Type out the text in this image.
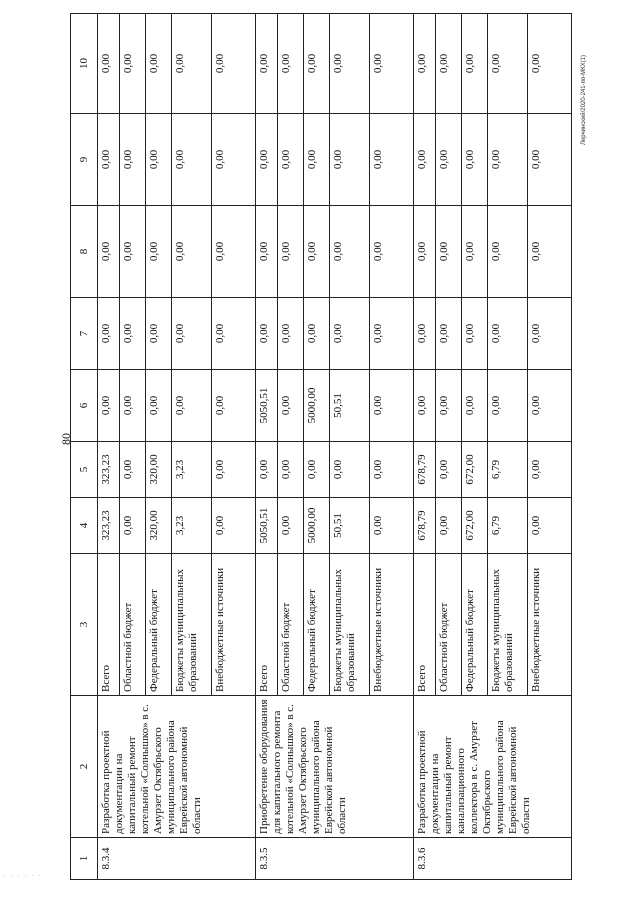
80
Лерчинский/2020-241-по-МКХ(1)
. . . . . .
1	2	3	4	5	6	7	8	9	10
8.3.4	Разработка проектной документации на капитальный ремонт котельной «Солнышко» в с. Амурзет Октябрьского муниципального района Еврейской автономной области	Всего	323,23	323,23	0,00	0,00	0,00	0,00	0,00
		Областной бюджет	0,00	0,00	0,00	0,00	0,00	0,00	0,00
		Федеральный бюджет	320,00	320,00	0,00	0,00	0,00	0,00	0,00
		Бюджеты муниципальных образований	3,23	3,23	0,00	0,00	0,00	0,00	0,00
		Внебюджетные источники	0,00	0,00	0,00	0,00	0,00	0,00	0,00
8.3.5	Приобретение оборудования для капитального ремонта котельной «Солнышко» в с. Амурзет Октябрьского муниципального района Еврейской автономной области	Всего	5050,51	0,00	5050,51	0,00	0,00	0,00	0,00
		Областной бюджет	0,00	0,00	0,00	0,00	0,00	0,00	0,00
		Федеральный бюджет	5000,00	0,00	5000,00	0,00	0,00	0,00	0,00
		Бюджеты муниципальных образований	50,51	0,00	50,51	0,00	0,00	0,00	0,00
		Внебюджетные источники	0,00	0,00	0,00	0,00	0,00	0,00	0,00
8.3.6	Разработка проектной документации на капитальный ремонт канализационного коллектора в с. Амурзет Октябрьского муниципального района Еврейской автономной области	Всего	678,79	678,79	0,00	0,00	0,00	0,00	0,00
		Областной бюджет	0,00	0,00	0,00	0,00	0,00	0,00	0,00
		Федеральный бюджет	672,00	672,00	0,00	0,00	0,00	0,00	0,00
		Бюджеты муниципальных образований	6,79	6,79	0,00	0,00	0,00	0,00	0,00
		Внебюджетные источники	0,00	0,00	0,00	0,00	0,00	0,00	0,00
